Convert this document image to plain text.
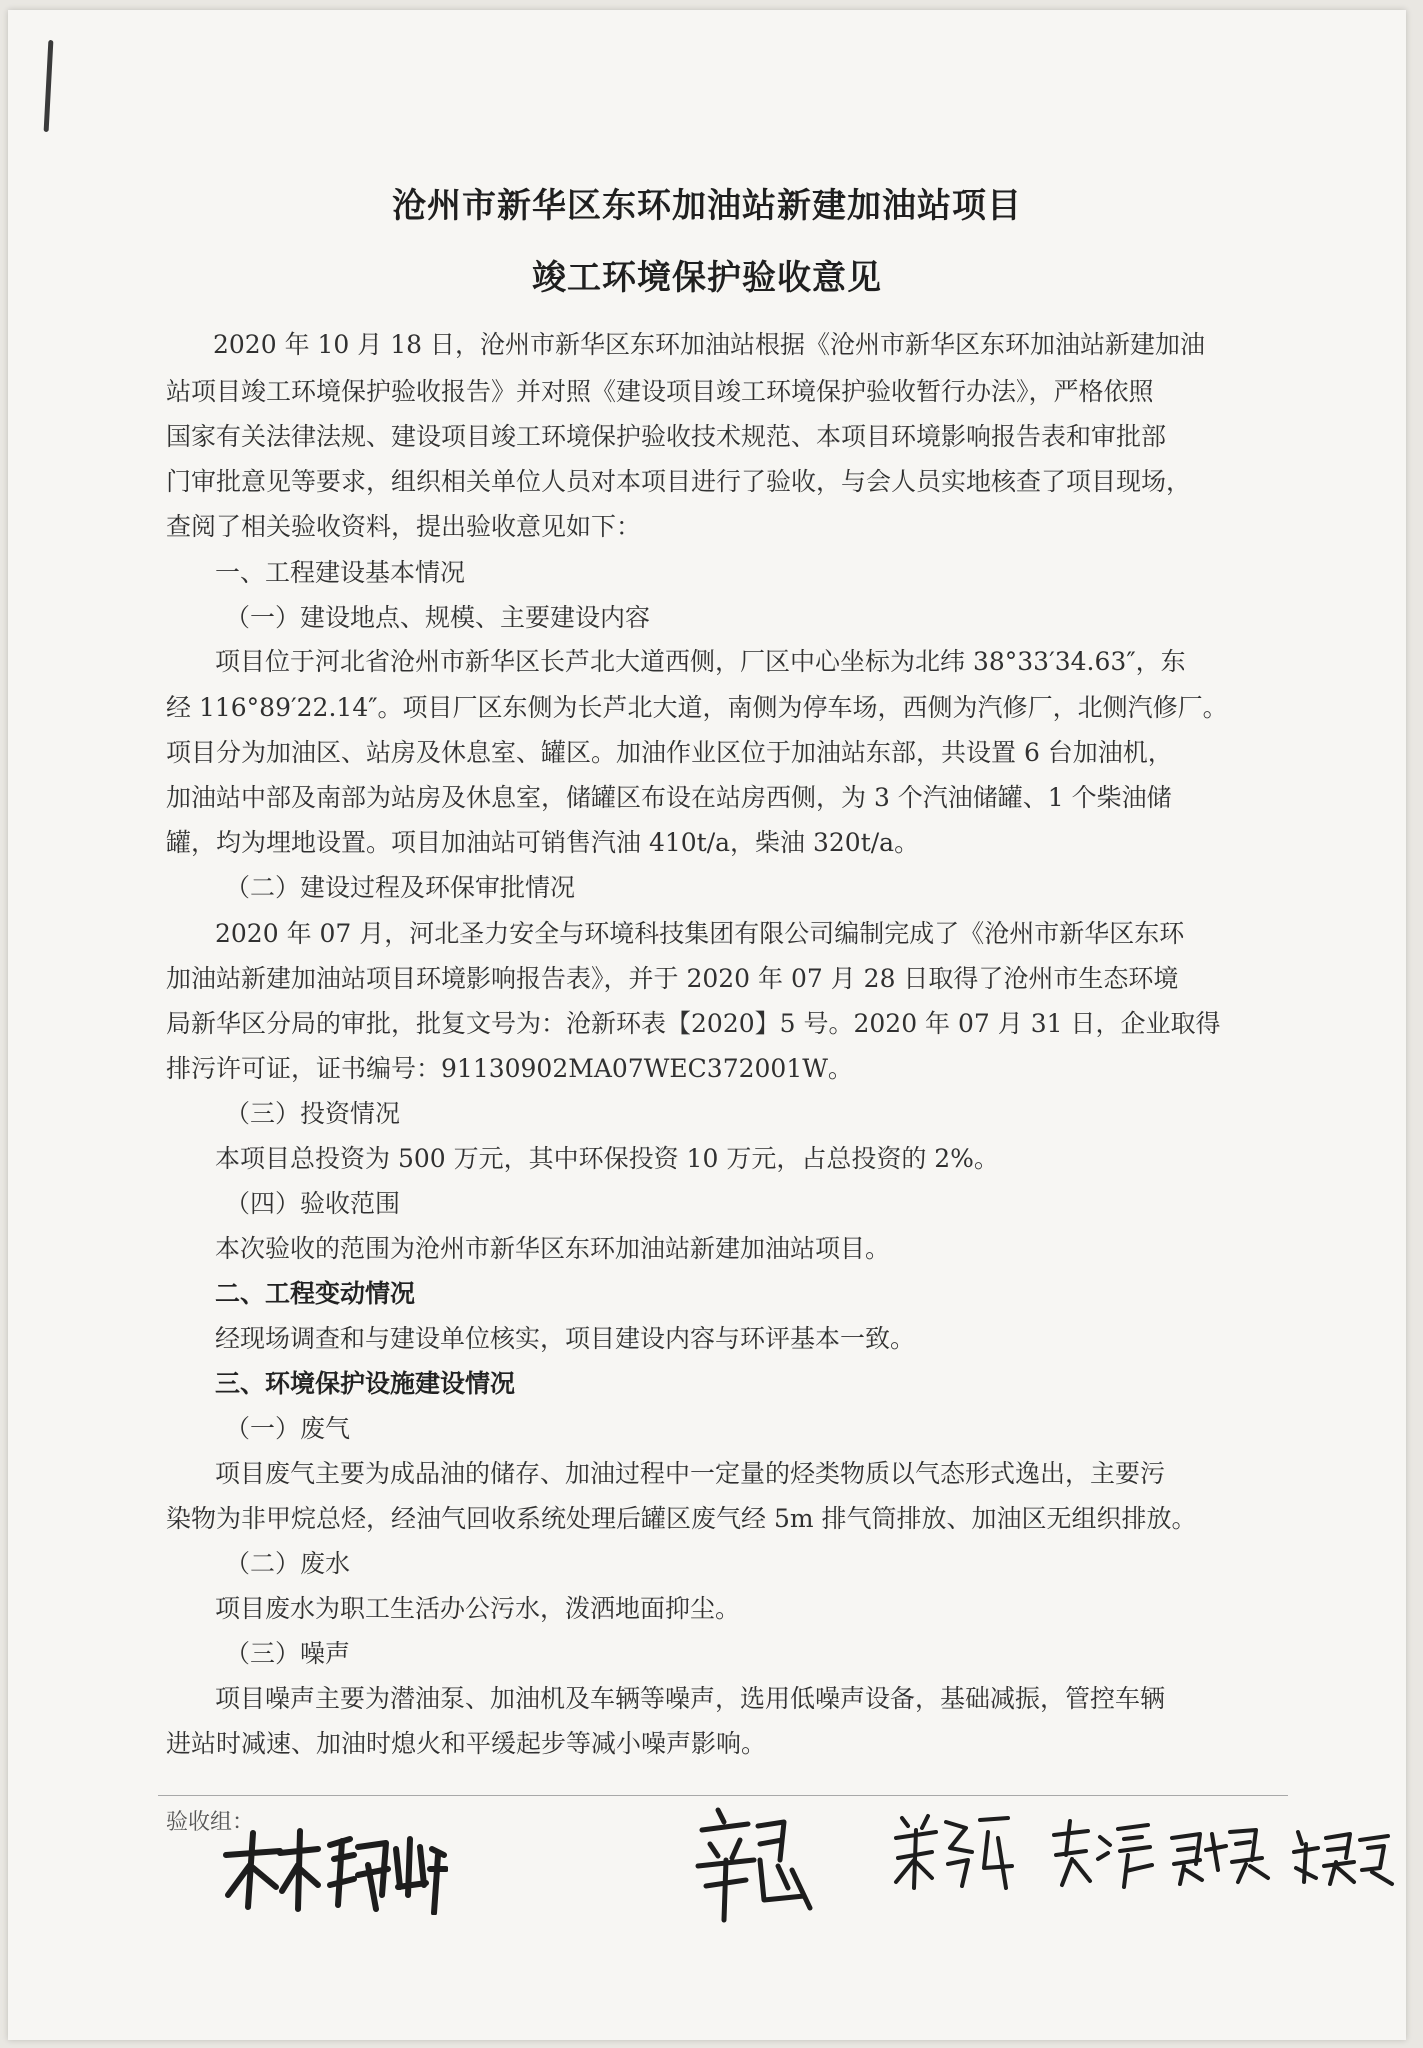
沧州市新华区东环加油站新建加油站项目
竣工环境保护验收意见
2020 年 10 月 18 日，沧州市新华区东环加油站根据《沧州市新华区东环加油站新建加油
站项目竣工环境保护验收报告》并对照《建设项目竣工环境保护验收暂行办法》，严格依照
国家有关法律法规、建设项目竣工环境保护验收技术规范、本项目环境影响报告表和审批部
门审批意见等要求，组织相关单位人员对本项目进行了验收，与会人员实地核查了项目现场，
查阅了相关验收资料，提出验收意见如下：
一、工程建设基本情况
（一）建设地点、规模、主要建设内容
项目位于河北省沧州市新华区长芦北大道西侧，厂区中心坐标为北纬 38°33′34.63″，东
经 116°89′22.14″。项目厂区东侧为长芦北大道，南侧为停车场，西侧为汽修厂，北侧汽修厂。
项目分为加油区、站房及休息室、罐区。加油作业区位于加油站东部，共设置 6 台加油机，
加油站中部及南部为站房及休息室，储罐区布设在站房西侧，为 3 个汽油储罐、1 个柴油储
罐，均为埋地设置。项目加油站可销售汽油 410t/a，柴油 320t/a。
（二）建设过程及环保审批情况
2020 年 07 月，河北圣力安全与环境科技集团有限公司编制完成了《沧州市新华区东环
加油站新建加油站项目环境影响报告表》，并于 2020 年 07 月 28 日取得了沧州市生态环境
局新华区分局的审批，批复文号为：沧新环表【2020】5 号。2020 年 07 月 31 日，企业取得
排污许可证，证书编号：91130902MA07WEC372001W。
（三）投资情况
本项目总投资为 500 万元，其中环保投资 10 万元，占总投资的 2%。
（四）验收范围
本次验收的范围为沧州市新华区东环加油站新建加油站项目。
二、工程变动情况
经现场调查和与建设单位核实，项目建设内容与环评基本一致。
三、环境保护设施建设情况
（一）废气
项目废气主要为成品油的储存、加油过程中一定量的烃类物质以气态形式逸出，主要污
染物为非甲烷总烃，经油气回收系统处理后罐区废气经 5m 排气筒排放、加油区无组织排放。
（二）废水
项目废水为职工生活办公污水，泼洒地面抑尘。
（三）噪声
项目噪声主要为潜油泵、加油机及车辆等噪声，选用低噪声设备，基础减振，管控车辆
进站时减速、加油时熄火和平缓起步等减小噪声影响。
验收组：
